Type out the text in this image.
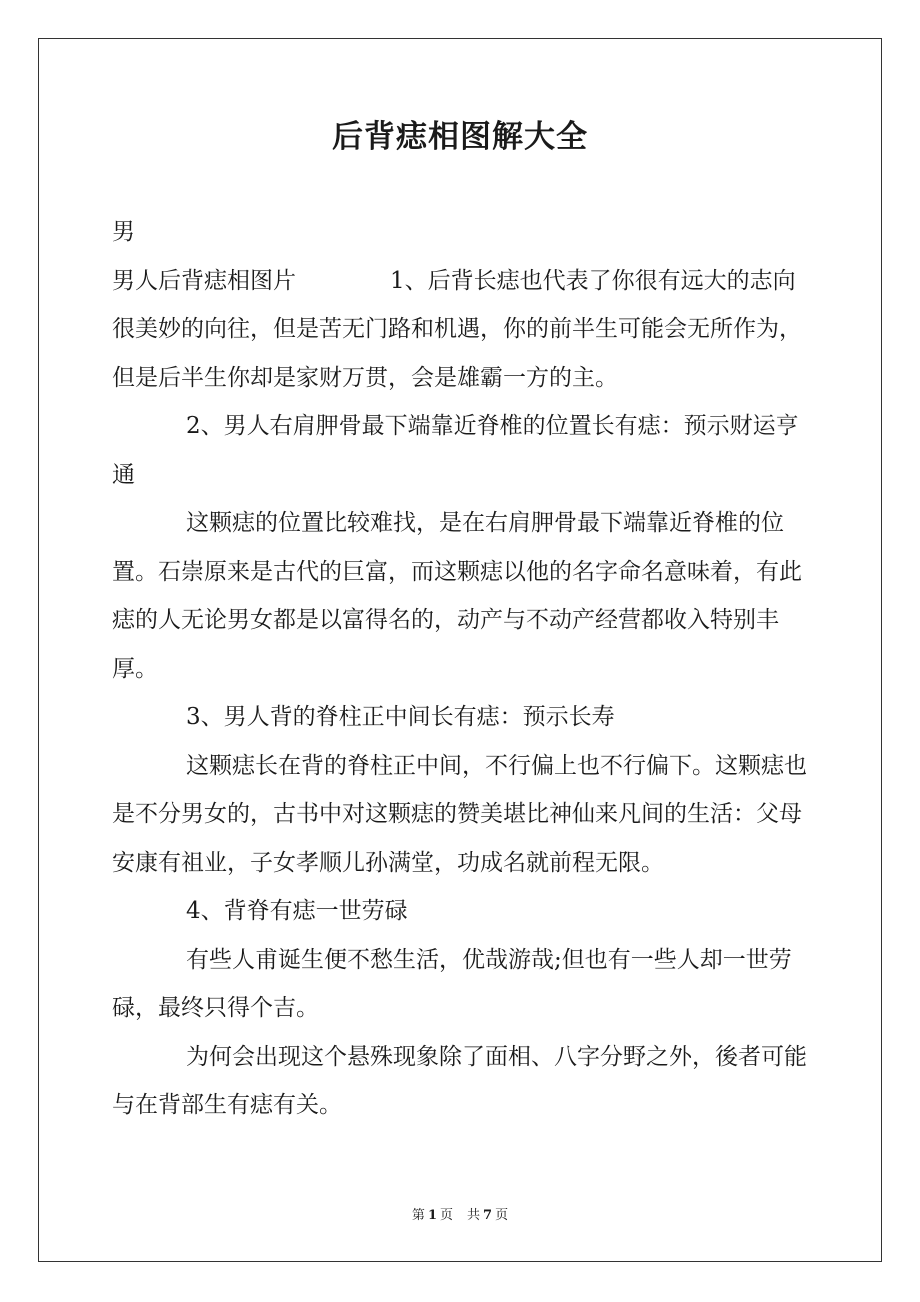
后背痣相图解大全

男

男人后背痣相图片	1、后背长痣也代表了你很有远大的志向很美妙的向往，但是苦无门路和机遇，你的前半生可能会无所作为，但是后半生你却是家财万贯，会是雄霸一方的主。

2、男人右肩胛骨最下端靠近脊椎的位置长有痣：预示财运亨通

这颗痣的位置比较难找，是在右肩胛骨最下端靠近脊椎的位置。石崇原来是古代的巨富，而这颗痣以他的名字命名意味着，有此痣的人无论男女都是以富得名的，动产与不动产经营都收入特别丰厚。

3、男人背的脊柱正中间长有痣：预示长寿

这颗痣长在背的脊柱正中间，不行偏上也不行偏下。这颗痣也是不分男女的，古书中对这颗痣的赞美堪比神仙来凡间的生活：父母安康有祖业，子女孝顺儿孙满堂，功成名就前程无限。

4、背脊有痣一世劳碌

有些人甫诞生便不愁生活，优哉游哉;但也有一些人却一世劳碌，最终只得个吉。

为何会出现这个悬殊现象除了面相、八字分野之外，後者可能与在背部生有痣有关。

第 1 页 共 7 页
